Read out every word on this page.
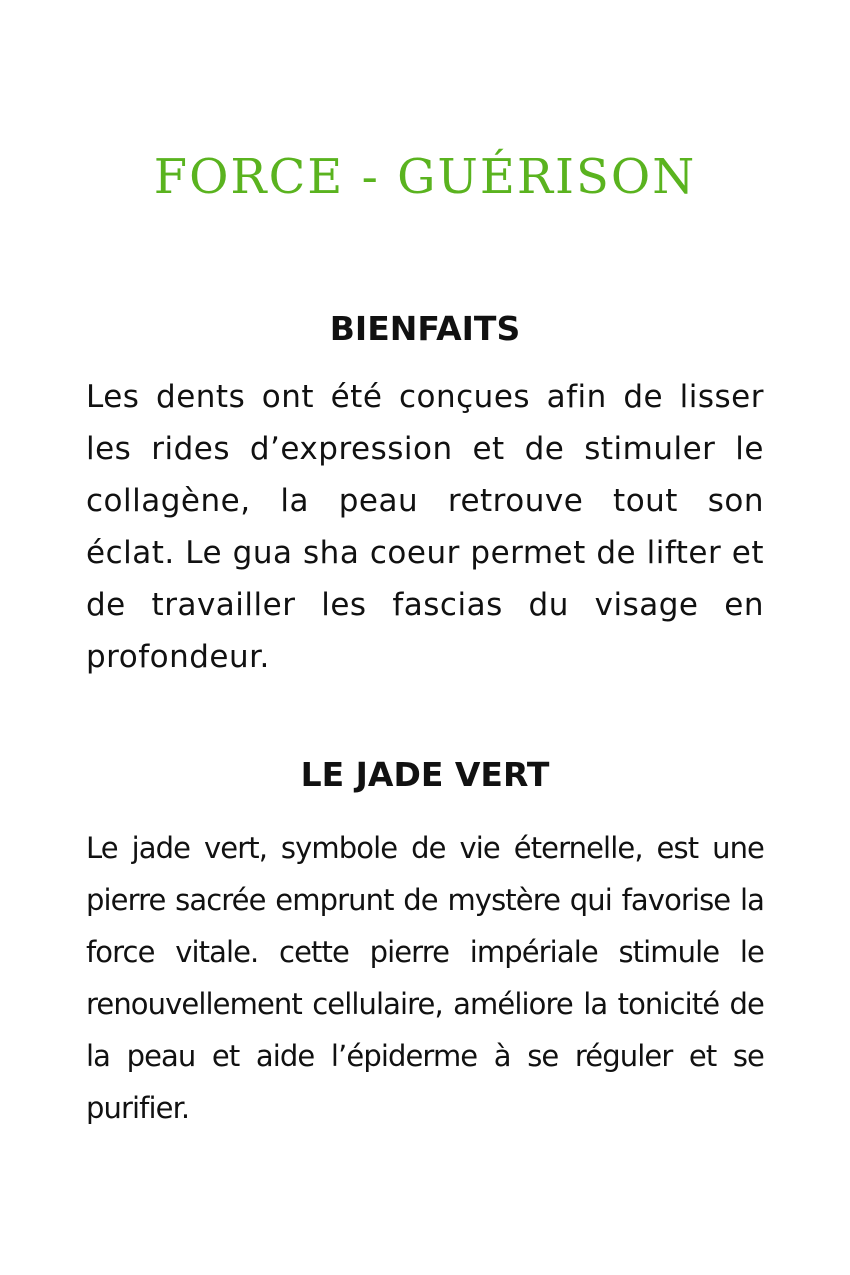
FORCE - GUÉRISON
BIENFAITS

Les dents ont été conçues afin de lisser les rides d’expression et de stimuler le collagène, la peau retrouve tout son éclat. Le gua sha coeur permet de lifter et de travailler les fascias du visage en profondeur.

LE JADE VERT

Le jade vert, symbole de vie éternelle, est une pierre sacrée emprunt de mystère qui favorise la force vitale. cette pierre impériale stimule le renouvellement cellulaire, améliore la tonicité de la peau et aide l’épiderme à se réguler et se purifier.
